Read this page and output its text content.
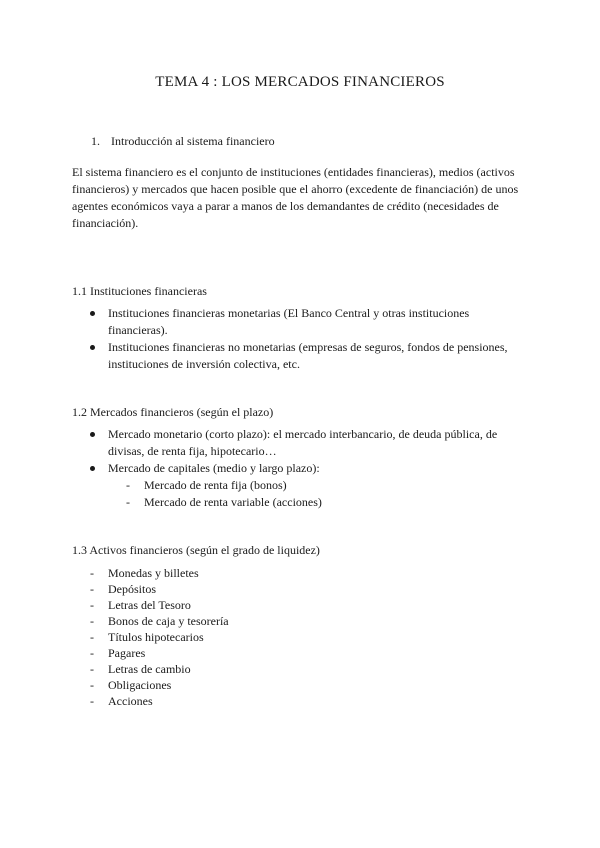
TEMA 4 : LOS MERCADOS FINANCIEROS
1. Introducción al sistema financiero
El sistema financiero es el conjunto de instituciones (entidades financieras), medios (activos financieros) y mercados que hacen posible que el ahorro (excedente de financiación) de unos agentes económicos vaya a parar a manos de los demandantes de crédito (necesidades de financiación).
1.1 Instituciones financieras
Instituciones financieras monetarias (El Banco Central y otras instituciones financieras).
Instituciones financieras no monetarias (empresas de seguros, fondos de pensiones, instituciones de inversión colectiva, etc.
1.2 Mercados financieros (según el plazo)
Mercado monetario (corto plazo): el mercado interbancario, de deuda pública, de divisas, de renta fija, hipotecario…
Mercado de capitales (medio y largo plazo):
- Mercado de renta fija (bonos)
- Mercado de renta variable (acciones)
1.3 Activos financieros (según el grado de liquidez)
- Monedas y billetes
- Depósitos
- Letras del Tesoro
- Bonos de caja y tesorería
- Títulos hipotecarios
- Pagares
- Letras de cambio
- Obligaciones
- Acciones
